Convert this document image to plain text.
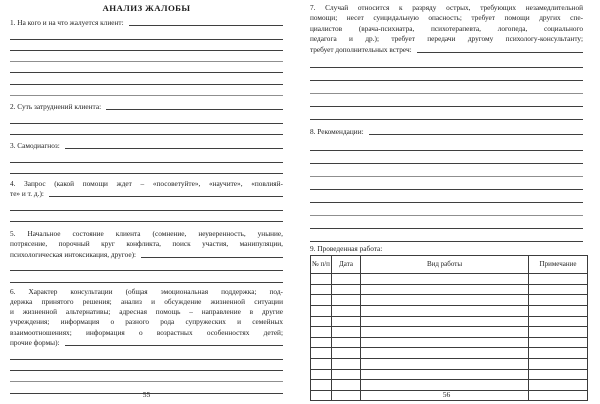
АНАЛИЗ ЖАЛОБЫ
1. На кого и на что жалуется клиент:
2. Суть затруднений клиента:
3. Самодиагноз:
4. Запрос (какой помощи ждет – «посоветуйте», «научите», «повлияй-
те» и т. д.):
5. Начальное состояние клиента (сомнение, неуверенность, уныние,
потрясение, порочный круг конфликта, поиск участия, манипуляции,
психологическая интоксикация, другое):
6. Характер консультации (общая эмоциональная поддержка; под-
держка принятого решения; анализ и обсуждение жизненной ситуации
и жизненной альтернативы; адресная помощь – направление в другие
учреждения; информация о разного рода супружеских и семейных
взаимоотношениях; информация о возрастных особенностях детей;
прочие формы):
55
7. Случай относится к разряду острых, требующих незамедлительной
помощи; несет суицидальную опасность; требует помощи других спе-
циалистов (врача-психиатра, психотерапевта, логопеда, социального
педагога и др.); требует передачи другому психологу-консультанту;
требует дополнительных встреч:
8. Рекомендации:
9. Проведенная работа:
№ п/п	Дата	Вид работы	Примечание

56
